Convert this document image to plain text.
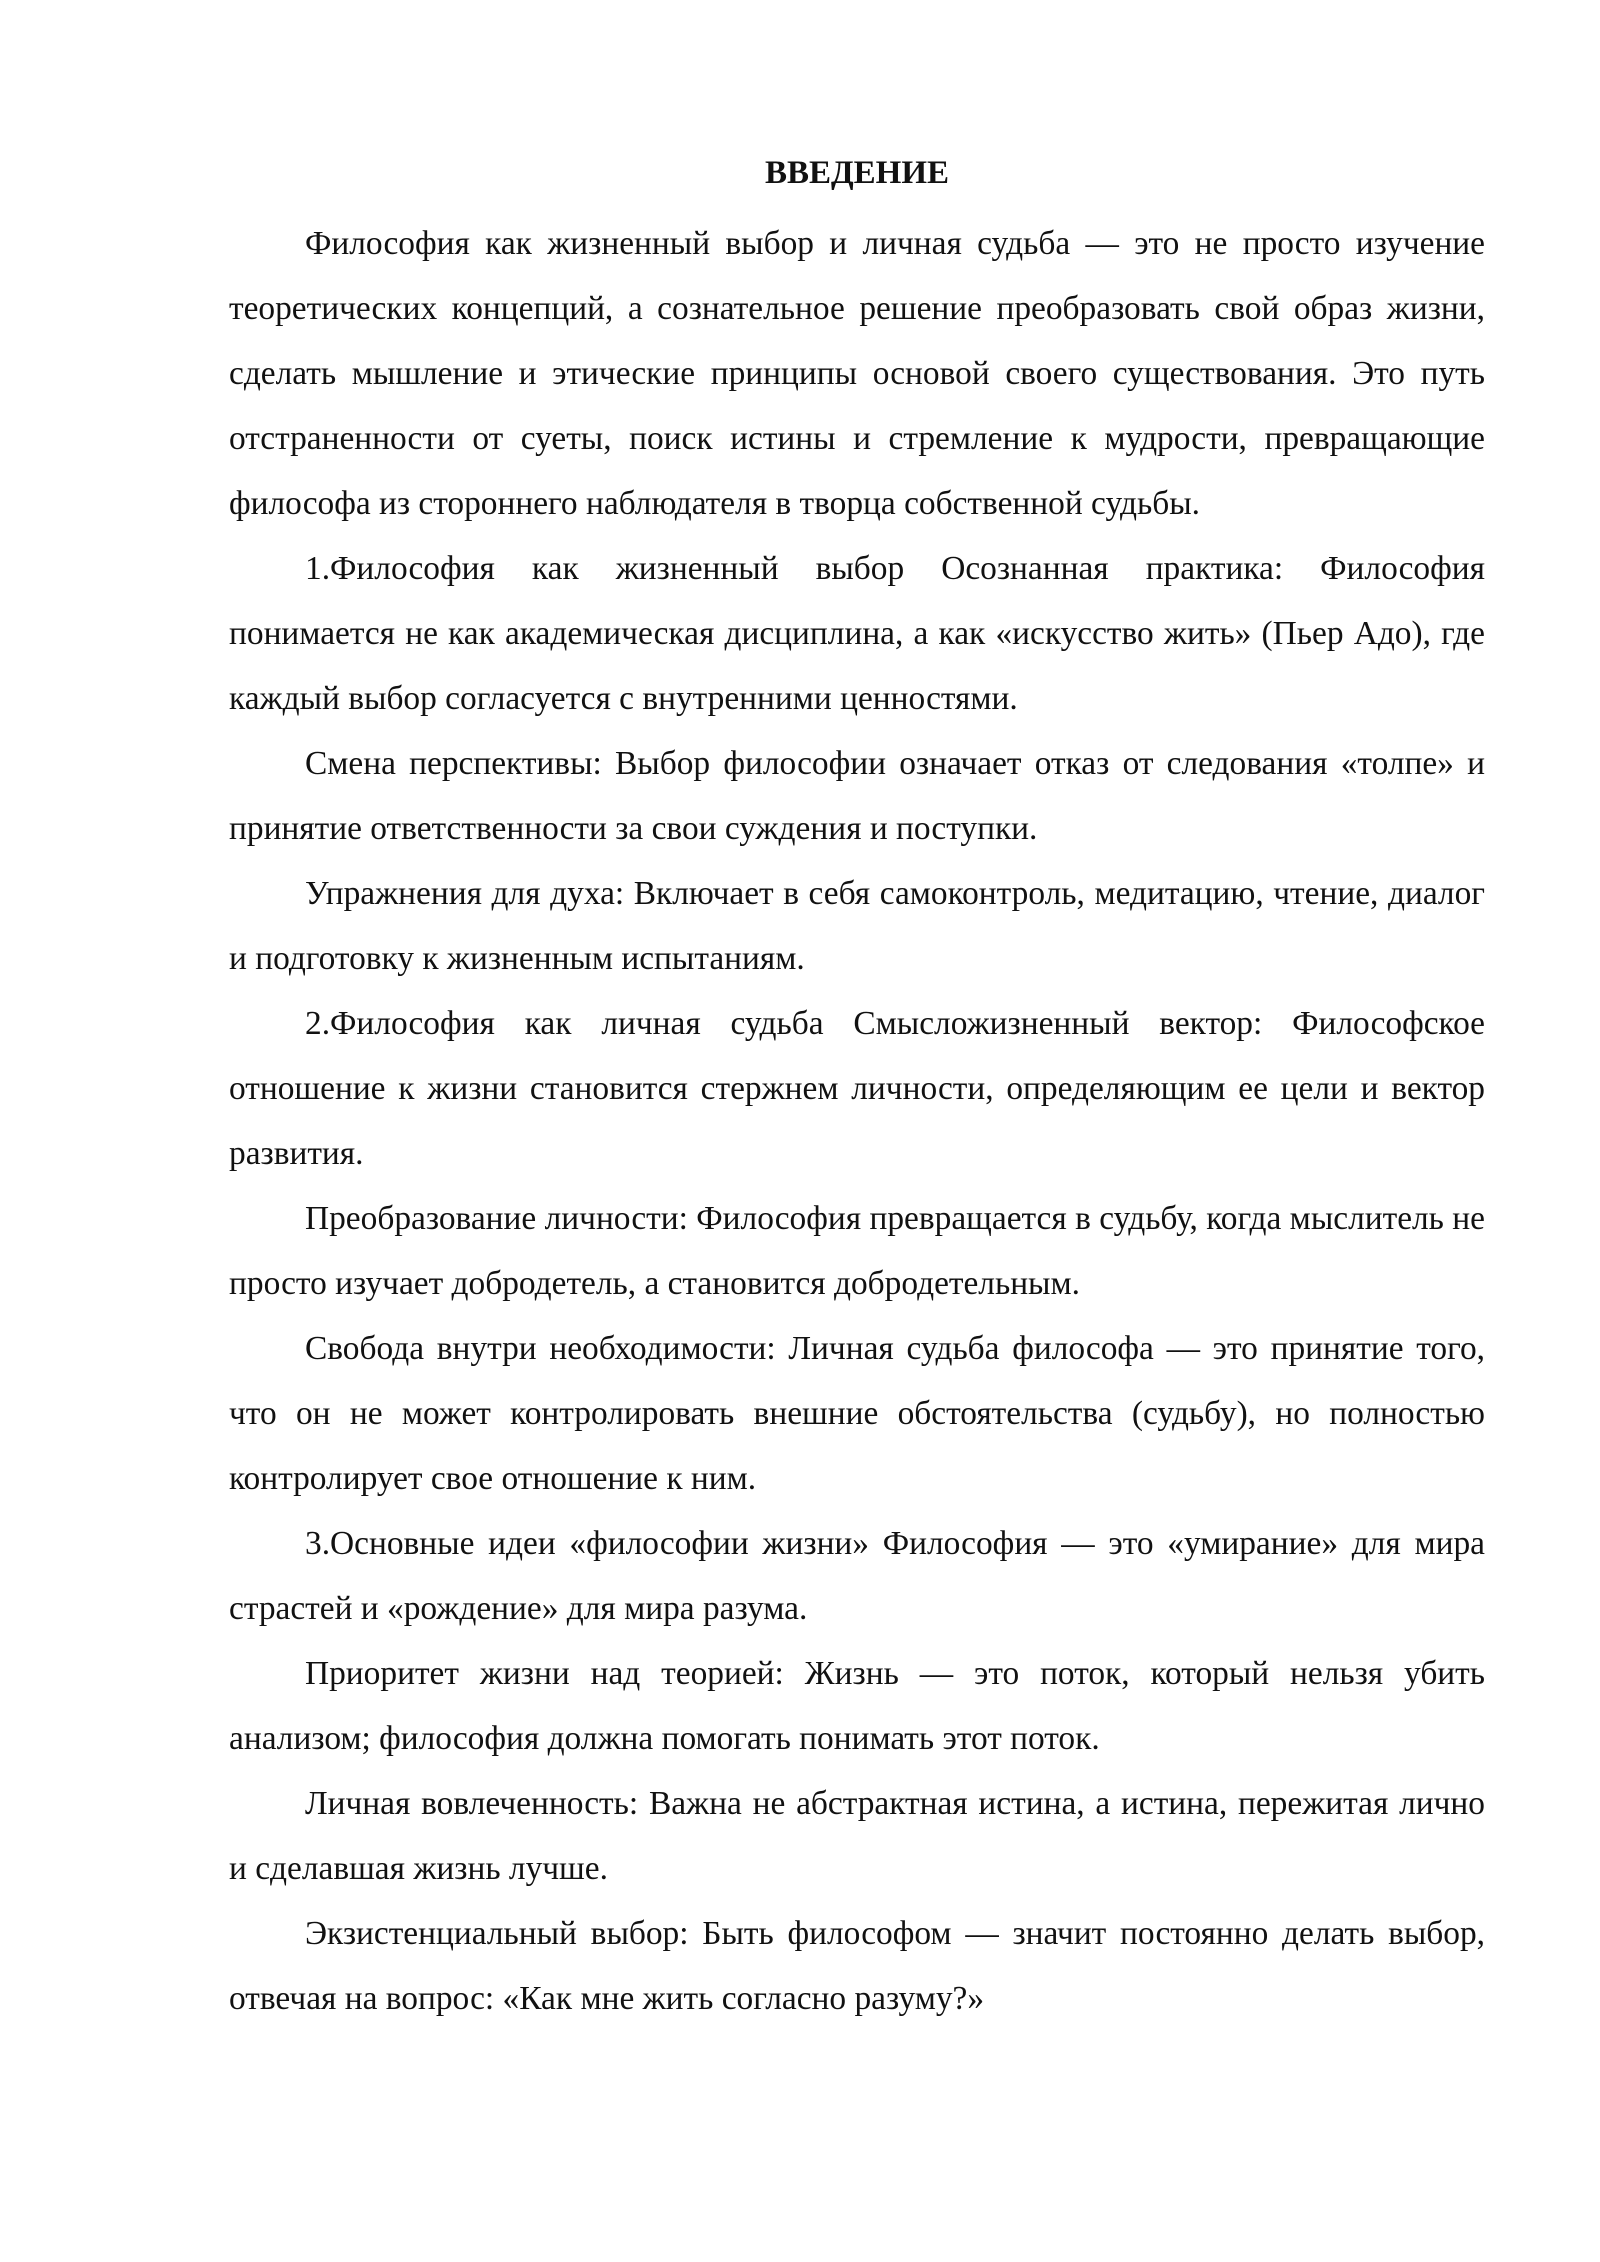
ВВЕДЕНИЕ

Философия как жизненный выбор и личная судьба — это не просто изучение теоретических концепций, а сознательное решение преобразовать свой образ жизни, сделать мышление и этические принципы основой своего существования. Это путь отстраненности от суеты, поиск истины и стремление к мудрости, превращающие философа из стороннего наблюдателя в творца собственной судьбы.

1.Философия как жизненный выбор Осознанная практика: Философия понимается не как академическая дисциплина, а как «искусство жить» (Пьер Адо), где каждый выбор согласуется с внутренними ценностями.

Смена перспективы: Выбор философии означает отказ от следования «толпе» и принятие ответственности за свои суждения и поступки.

Упражнения для духа: Включает в себя самоконтроль, медитацию, чтение, диалог и подготовку к жизненным испытаниям.

2.Философия как личная судьба Смысложизненный вектор: Философское отношение к жизни становится стержнем личности, определяющим ее цели и вектор развития.

Преобразование личности: Философия превращается в судьбу, когда мыслитель не просто изучает добродетель, а становится добродетельным.

Свобода внутри необходимости: Личная судьба философа — это принятие того, что он не может контролировать внешние обстоятельства (судьбу), но полностью контролирует свое отношение к ним.

3.Основные идеи «философии жизни» Философия — это «умирание» для мира страстей и «рождение» для мира разума.

Приоритет жизни над теорией: Жизнь — это поток, который нельзя убить анализом; философия должна помогать понимать этот поток.

Личная вовлеченность: Важна не абстрактная истина, а истина, пережитая лично и сделавшая жизнь лучше.

Экзистенциальный выбор: Быть философом — значит постоянно делать выбор, отвечая на вопрос: «Как мне жить согласно разуму?»
